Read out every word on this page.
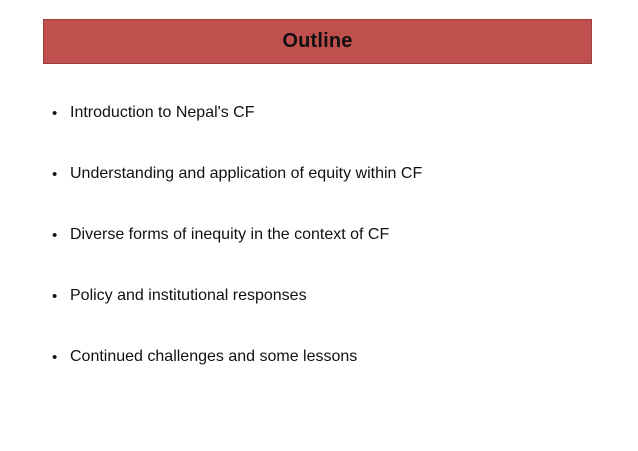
Outline
• Introduction to Nepal's CF
• Understanding and application of equity within CF
• Diverse forms of inequity in the context of CF
• Policy and institutional responses
• Continued challenges and some lessons
